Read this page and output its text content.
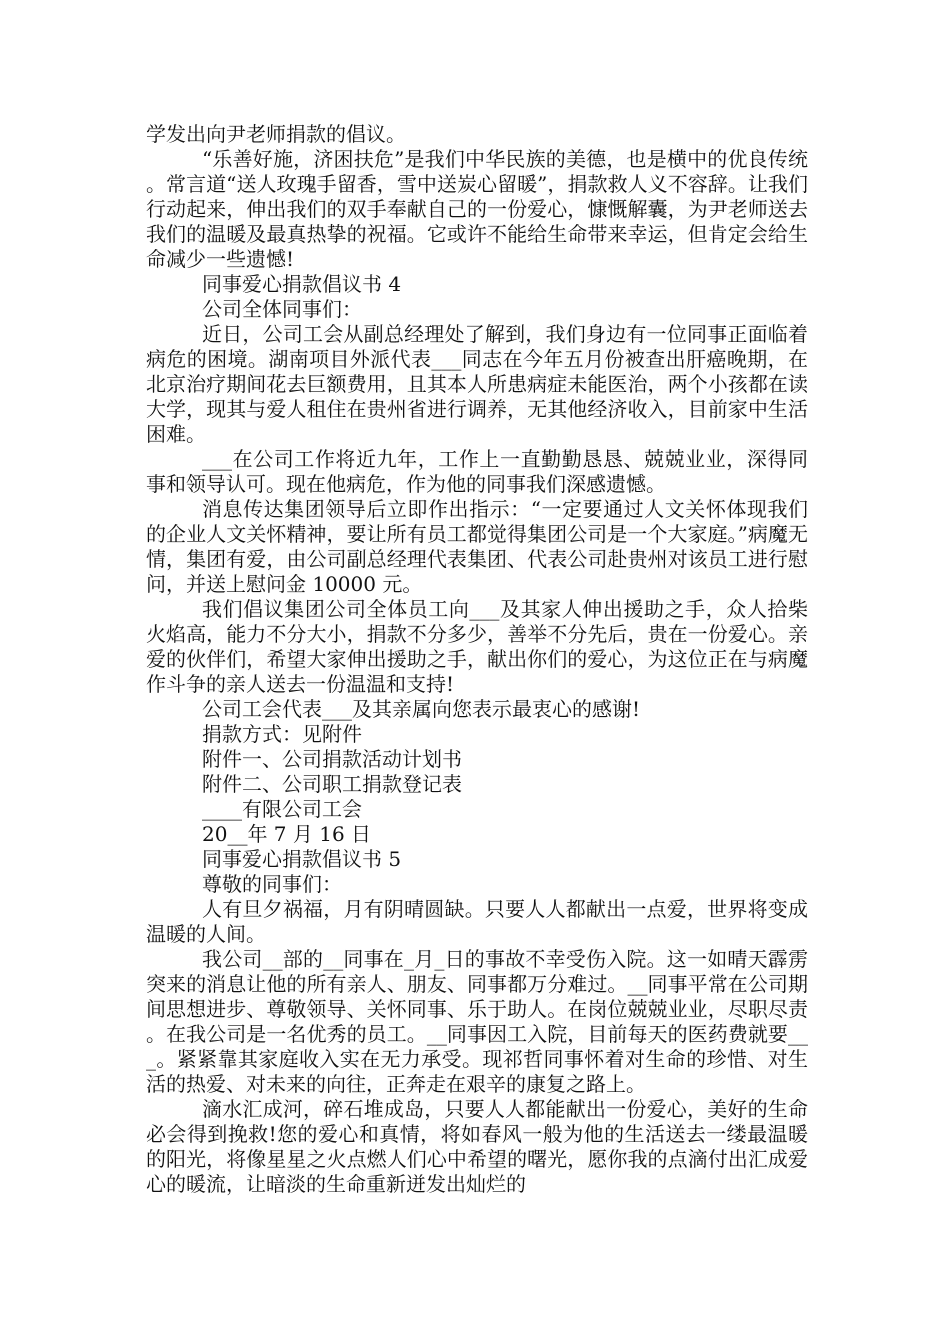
学发出向尹老师捐款的倡议。

“乐善好施，济困扶危”是我们中华民族的美德，也是横中的优良传统。常言道“送人玫瑰手留香，雪中送炭心留暖”，捐款救人义不容辞。让我们行动起来，伸出我们的双手奉献自己的一份爱心，慷慨解囊，为尹老师送去我们的温暖及最真热挚的祝福。它或许不能给生命带来幸运，但肯定会给生命减少一些遗憾!

同事爱心捐款倡议书 4

公司全体同事们：

近日，公司工会从副总经理处了解到，我们身边有一位同事正面临着病危的困境。湖南项目外派代表___同志在今年五月份被查出肝癌晚期，在北京治疗期间花去巨额费用，且其本人所患病症未能医治，两个小孩都在读大学，现其与爱人租住在贵州省进行调养，无其他经济收入，目前家中生活困难。

___在公司工作将近九年，工作上一直勤勤恳恳、兢兢业业，深得同事和领导认可。现在他病危，作为他的同事我们深感遗憾。

消息传达集团领导后立即作出指示：“一定要通过人文关怀体现我们的企业人文关怀精神，要让所有员工都觉得集团公司是一个大家庭。”病魔无情，集团有爱，由公司副总经理代表集团、代表公司赴贵州对该员工进行慰问，并送上慰问金 10000 元。

我们倡议集团公司全体员工向___及其家人伸出援助之手，众人拾柴火焰高，能力不分大小，捐款不分多少，善举不分先后，贵在一份爱心。亲爱的伙伴们，希望大家伸出援助之手，献出你们的爱心，为这位正在与病魔作斗争的亲人送去一份温温和支持!

公司工会代表___及其亲属向您表示最衷心的感谢!

捐款方式：见附件

附件一、公司捐款活动计划书

附件二、公司职工捐款登记表

____有限公司工会

20__年 7 月 16 日

同事爱心捐款倡议书 5

尊敬的同事们：

人有旦夕祸福，月有阴晴圆缺。只要人人都献出一点爱，世界将变成温暖的人间。

我公司__部的__同事在_月_日的事故不幸受伤入院。这一如晴天霹雳突来的消息让他的所有亲人、朋友、同事都万分难过。__同事平常在公司期间思想进步、尊敬领导、关怀同事、乐于助人。在岗位兢兢业业，尽职尽责。在我公司是一名优秀的员工。__同事因工入院，目前每天的医药费就要___。紧紧靠其家庭收入实在无力承受。现祁哲同事怀着对生命的珍惜、对生活的热爱、对未来的向往，正奔走在艰辛的康复之路上。

滴水汇成河，碎石堆成岛，只要人人都能献出一份爱心，美好的生命必会得到挽救!您的爱心和真情，将如春风一般为他的生活送去一缕最温暖的阳光，将像星星之火点燃人们心中希望的曙光，愿你我的点滴付出汇成爱心的暖流，让暗淡的生命重新迸发出灿烂的
